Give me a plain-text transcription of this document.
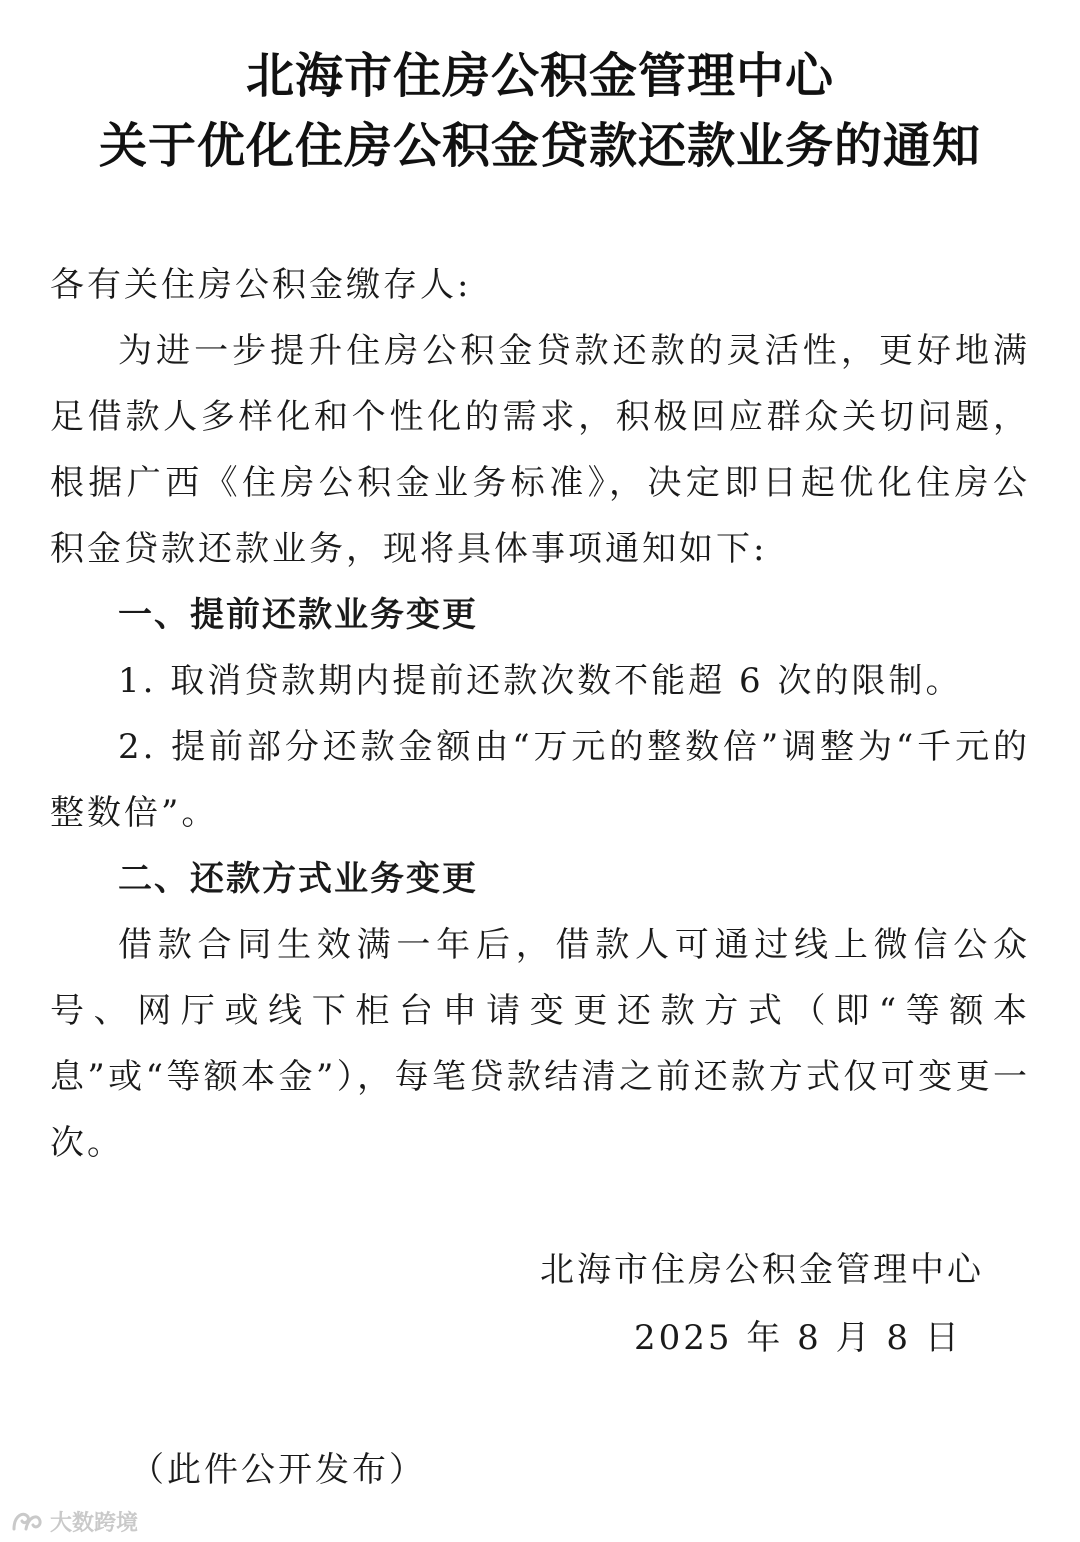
北海市住房公积金管理中心
关于优化住房公积金贷款还款业务的通知
各有关住房公积金缴存人:
为进一步提升住房公积金贷款还款的灵活性，更好地满足借款人多样化和个性化的需求，积极回应群众关切问题，根据广西《住房公积金业务标准》，决定即日起优化住房公积金贷款还款业务，现将具体事项通知如下:
一、提前还款业务变更
1. 取消贷款期内提前还款次数不能超 6 次的限制。
2. 提前部分还款金额由“万元的整数倍”调整为“千元的整数倍”。
二、还款方式业务变更
借款合同生效满一年后，借款人可通过线上微信公众号、网厅或线下柜台申请变更还款方式（即“等额本息”或“等额本金”），每笔贷款结清之前还款方式仅可变更一次。
北海市住房公积金管理中心
2025 年 8 月 8 日
（此件公开发布）
大数跨境
